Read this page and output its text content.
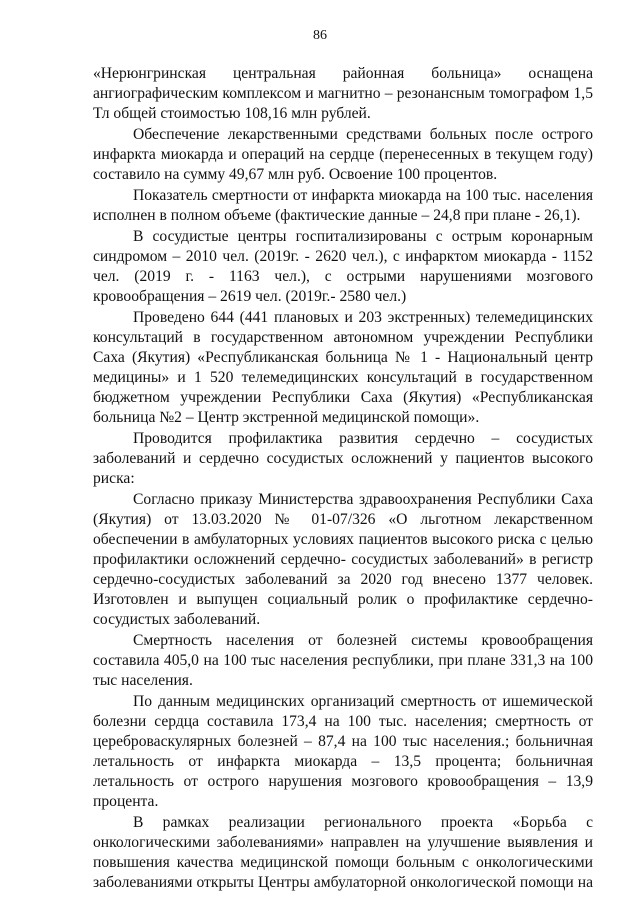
86

«Нерюнгринская центральная районная больница» оснащена ангиографическим комплексом и магнитно – резонансным томографом 1,5 Тл общей стоимостью 108,16 млн рублей.

Обеспечение лекарственными средствами больных после острого инфаркта миокарда и операций на сердце (перенесенных в текущем году) составило на сумму 49,67 млн руб. Освоение 100 процентов.

Показатель смертности от инфаркта миокарда на 100 тыс. населения исполнен в полном объеме (фактические данные – 24,8 при плане - 26,1).

В сосудистые центры госпитализированы с острым коронарным синдромом – 2010 чел. (2019г. - 2620 чел.), с инфарктом миокарда - 1152 чел. (2019 г. - 1163 чел.), с острыми нарушениями мозгового кровообращения – 2619 чел. (2019г.- 2580 чел.)

Проведено 644 (441 плановых и 203 экстренных) телемедицинских консультаций в государственном автономном учреждении Республики Саха (Якутия) «Республиканская больница № 1 - Национальный центр медицины» и 1 520 телемедицинских консультаций в государственном бюджетном учреждении Республики Саха (Якутия) «Республиканская больница №2 – Центр экстренной медицинской помощи».

Проводится профилактика развития сердечно – сосудистых заболеваний и сердечно сосудистых осложнений у пациентов высокого риска:

Согласно приказу Министерства здравоохранения Республики Саха (Якутия) от 13.03.2020 № 01-07/326 «О льготном лекарственном обеспечении в амбулаторных условиях пациентов высокого риска с целью профилактики осложнений сердечно- сосудистых заболеваний» в регистр сердечно-сосудистых заболеваний за 2020 год внесено 1377 человек. Изготовлен и выпущен социальный ролик о профилактике сердечно-сосудистых заболеваний.

Смертность населения от болезней системы кровообращения составила 405,0 на 100 тыс населения республики, при плане 331,3 на 100 тыс населения.

По данным медицинских организаций смертность от ишемической болезни сердца составила 173,4 на 100 тыс. населения; смертность от цереброваскулярных болезней – 87,4 на 100 тыс населения.; больничная летальность от инфаркта миокарда – 13,5 процента; больничная летальность от острого нарушения мозгового кровообращения – 13,9 процента.

В рамках реализации регионального проекта «Борьба с онкологическими заболеваниями» направлен на улучшение выявления и повышения качества медицинской помощи больным с онкологическими заболеваниями открыты Центры амбулаторной онкологической помощи на
